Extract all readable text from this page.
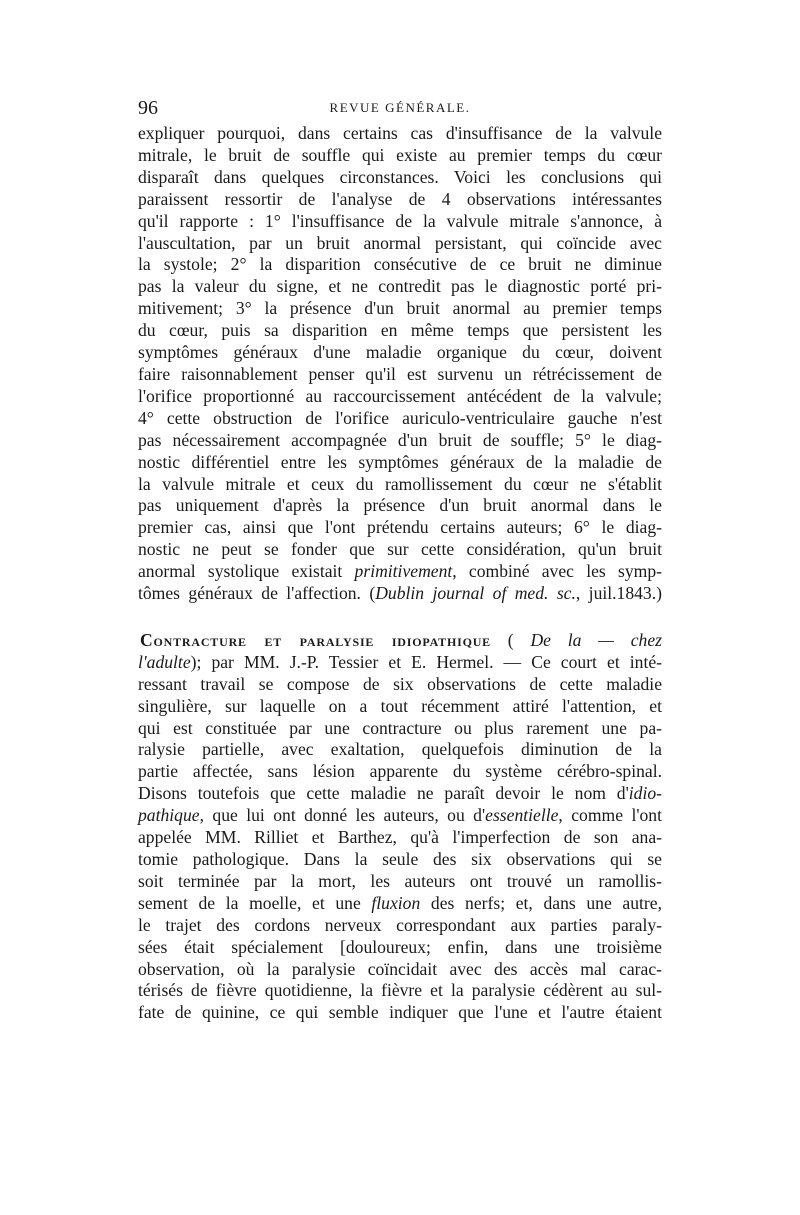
96	REVUE GÉNÉRALE.
expliquer pourquoi, dans certains cas d'insuffisance de la valvule
mitrale, le bruit de souffle qui existe au premier temps du cœur
disparaît dans quelques circonstances. Voici les conclusions qui
paraissent ressortir de l'analyse de 4 observations intéressantes
qu'il rapporte : 1° l'insuffisance de la valvule mitrale s'annonce, à
l'auscultation, par un bruit anormal persistant, qui coïncide avec
la systole; 2° la disparition consécutive de ce bruit ne diminue
pas la valeur du signe, et ne contredit pas le diagnostic porté pri-
mitivement; 3° la présence d'un bruit anormal au premier temps
du cœur, puis sa disparition en même temps que persistent les
symptômes généraux d'une maladie organique du cœur, doivent
faire raisonnablement penser qu'il est survenu un rétrécissement de
l'orifice proportionné au raccourcissement antécédent de la valvule;
4° cette obstruction de l'orifice auriculo-ventriculaire gauche n'est
pas nécessairement accompagnée d'un bruit de souffle; 5° le diag-
nostic différentiel entre les symptômes généraux de la maladie de
la valvule mitrale et ceux du ramollissement du cœur ne s'établit
pas uniquement d'après la présence d'un bruit anormal dans le
premier cas, ainsi que l'ont prétendu certains auteurs; 6° le diag-
nostic ne peut se fonder que sur cette considération, qu'un bruit
anormal systolique existait primitivement, combiné avec les symp-
tômes généraux de l'affection. (Dublin journal of med. sc., juil.1843.)
Contracture et paralysie idiopathique ( De la — chez
l'adulte); par MM. J.-P. Tessier et E. Hermel. — Ce court et inté-
ressant travail se compose de six observations de cette maladie
singulière, sur laquelle on a tout récemment attiré l'attention, et
qui est constituée par une contracture ou plus rarement une pa-
ralysie partielle, avec exaltation, quelquefois diminution de la
partie affectée, sans lésion apparente du système cérébro-spinal.
Disons toutefois que cette maladie ne paraît devoir le nom d'idio-
pathique, que lui ont donné les auteurs, ou d'essentielle, comme l'ont
appelée MM. Rilliet et Barthez, qu'à l'imperfection de son ana-
tomie pathologique. Dans la seule des six observations qui se
soit terminée par la mort, les auteurs ont trouvé un ramollis-
sement de la moelle, et une fluxion des nerfs; et, dans une autre,
le trajet des cordons nerveux correspondant aux parties paraly-
sées était spécialement [douloureux; enfin, dans une troisième
observation, où la paralysie coïncidait avec des accès mal carac-
térisés de fièvre quotidienne, la fièvre et la paralysie cédèrent au sul-
fate de quinine, ce qui semble indiquer que l'une et l'autre étaient
